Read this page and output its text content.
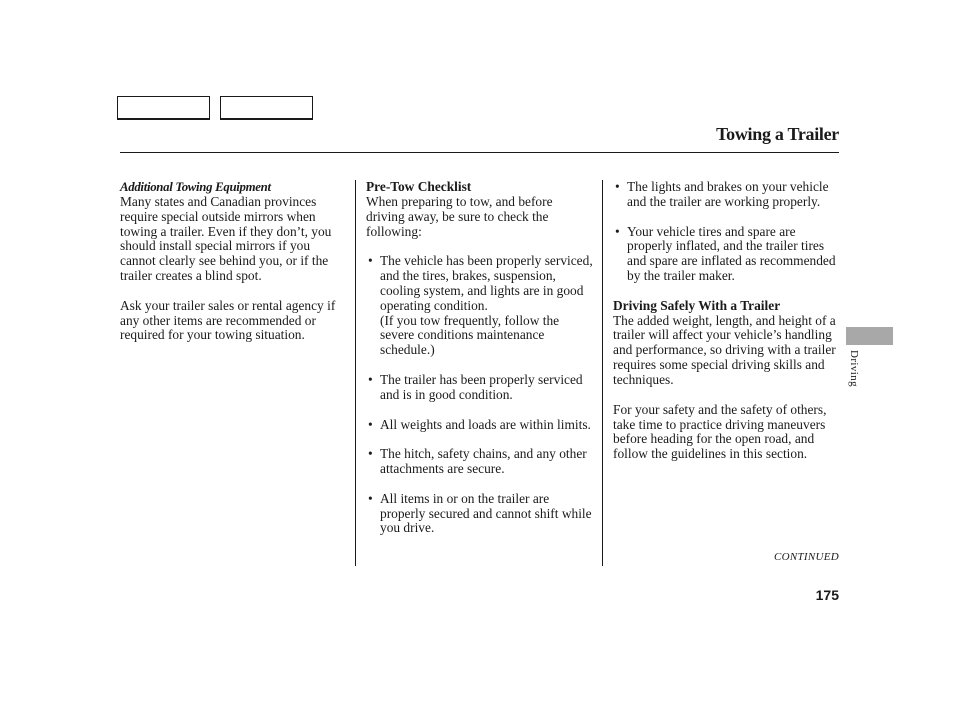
Towing a Trailer

Additional Towing Equipment

Many states and Canadian provinces require special outside mirrors when towing a trailer. Even if they don’t, you should install special mirrors if you cannot clearly see behind you, or if the trailer creates a blind spot.

Ask your trailer sales or rental agency if any other items are recommended or required for your towing situation.

Pre-Tow Checklist

When preparing to tow, and before driving away, be sure to check the following:

• The vehicle has been properly serviced, and the tires, brakes, suspension, cooling system, and lights are in good operating condition.
(If you tow frequently, follow the severe conditions maintenance schedule.)
• The trailer has been properly serviced and is in good condition.
• All weights and loads are within limits.
• The hitch, safety chains, and any other attachments are secure.
• All items in or on the trailer are properly secured and cannot shift while you drive.
• The lights and brakes on your vehicle and the trailer are working properly.
• Your vehicle tires and spare are properly inflated, and the trailer tires and spare are inflated as recommended by the trailer maker.

Driving Safely With a Trailer

The added weight, length, and height of a trailer will affect your vehicle’s handling and performance, so driving with a trailer requires some special driving skills and techniques.

For your safety and the safety of others, take time to practice driving maneuvers before heading for the open road, and follow the guidelines in this section.

Driving
CONTINUED
175
